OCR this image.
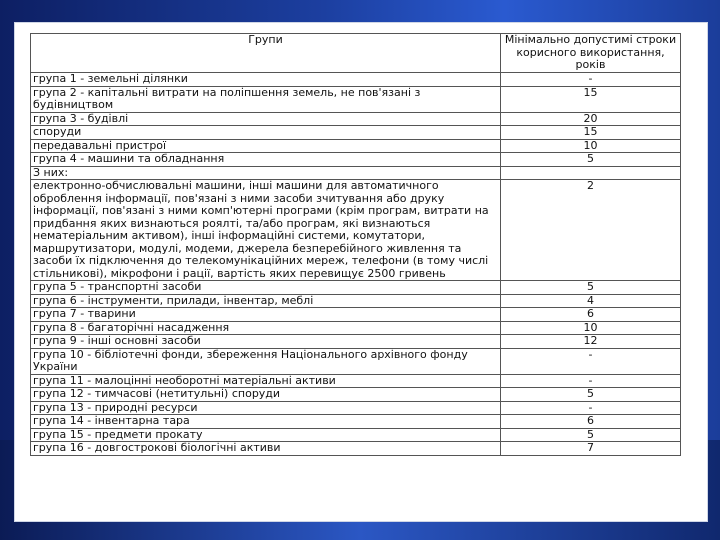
Групи	Мінімально допустимі строки корисного використання, років
група 1 - земельні ділянки	-
група 2 - капітальні витрати на поліпшення земель, не пов'язані з будівництвом	15
група 3 - будівлі	20
споруди	15
передавальні пристрої	10
група 4 - машини та обладнання	5
З них:	
електронно-обчислювальні машини, інші машини для автоматичного оброблення інформації, пов'язані з ними засоби зчитування або друку інформації, пов'язані з ними комп'ютерні програми (крім програм, витрати на придбання яких визнаються роялті, та/або програм, які визнаються нематеріальним активом), інші інформаційні системи, комутатори, маршрутизатори, модулі, модеми, джерела безперебійного живлення та засоби їх підключення до телекомунікаційних мереж, телефони (в тому числі стільникові), мікрофони і рації, вартість яких перевищує 2500 гривень	2
група 5 - транспортні засоби	5
група 6 - інструменти, прилади, інвентар, меблі	4
група 7 - тварини	6
група 8 - багаторічні насадження	10
група 9 - інші основні засоби	12
група 10 - бібліотечні фонди, збереження Національного архівного фонду України	-
група 11 - малоцінні необоротні матеріальні активи	-
група 12 - тимчасові (нетитульні) споруди	5
група 13 - природні ресурси	-
група 14 - інвентарна тара	6
група 15 - предмети прокату	5
група 16 - довгострокові біологічні активи	7
